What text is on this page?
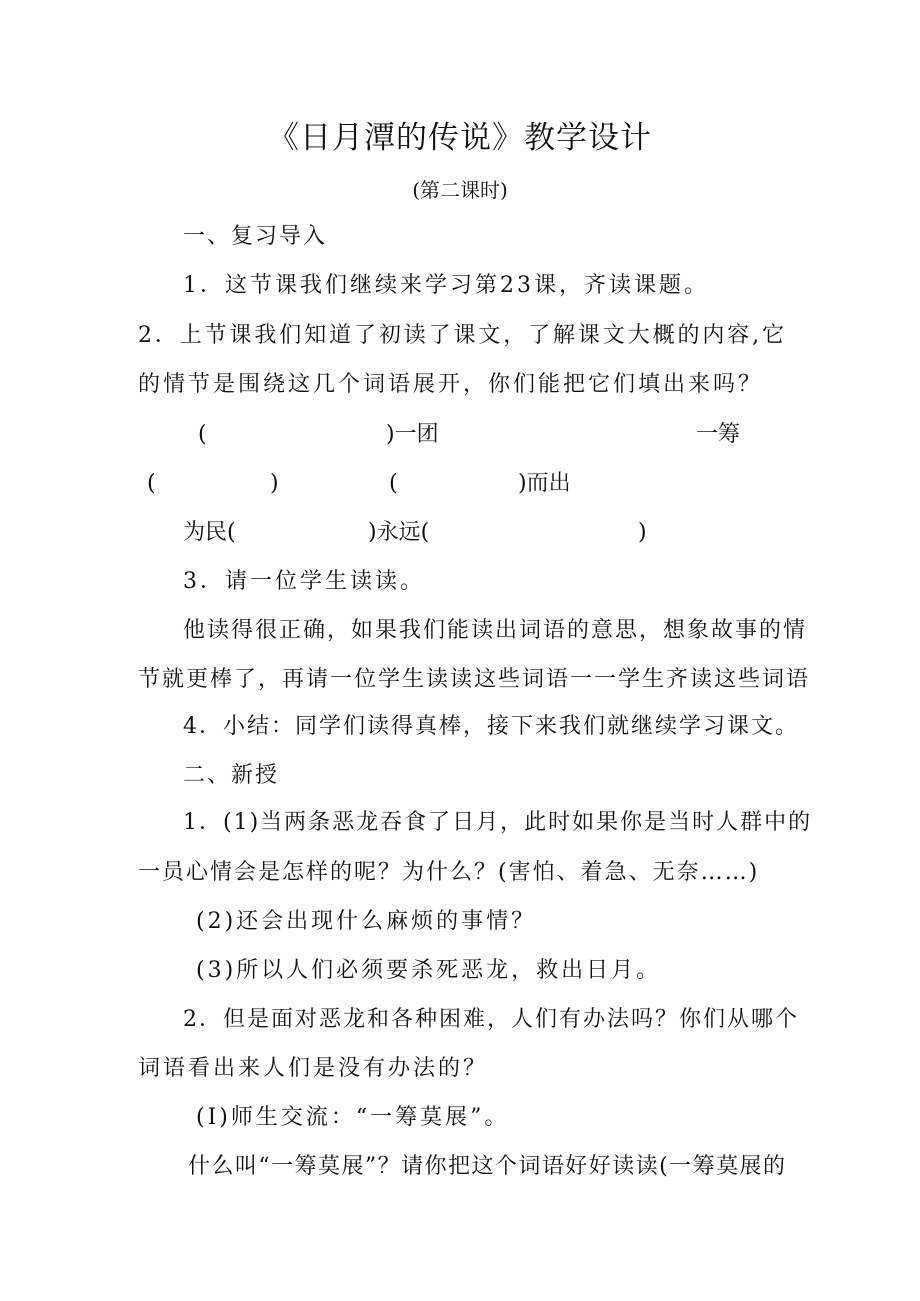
《日月潭的传说》教学设计
(第二课时)
一、复习导入
1．这节课我们继续来学习第23课，齐读课题。
2．上节课我们知道了初读了课文，了解课文大概的内容,它
的情节是围绕这几个词语展开，你们能把它们填出来吗？
(	)一团	一筹
(	)	(	)而出
为民(	)永远(	)
3．请一位学生读读。
他读得很正确，如果我们能读出词语的意思，想象故事的情
节就更棒了，再请一位学生读读这些词语一一学生齐读这些词语
4．小结：同学们读得真棒，接下来我们就继续学习课文。
二、新授
1．(1)当两条恶龙吞食了日月，此时如果你是当时人群中的
一员心情会是怎样的呢？为什么？(害怕、着急、无奈……)
(2)还会出现什么麻烦的事情？
(3)所以人们必须要杀死恶龙，救出日月。
2．但是面对恶龙和各种困难，人们有办法吗？你们从哪个
词语看出来人们是没有办法的？
(I)师生交流：“一筹莫展”。
什么叫“一筹莫展”？请你把这个词语好好读读(一筹莫展的
